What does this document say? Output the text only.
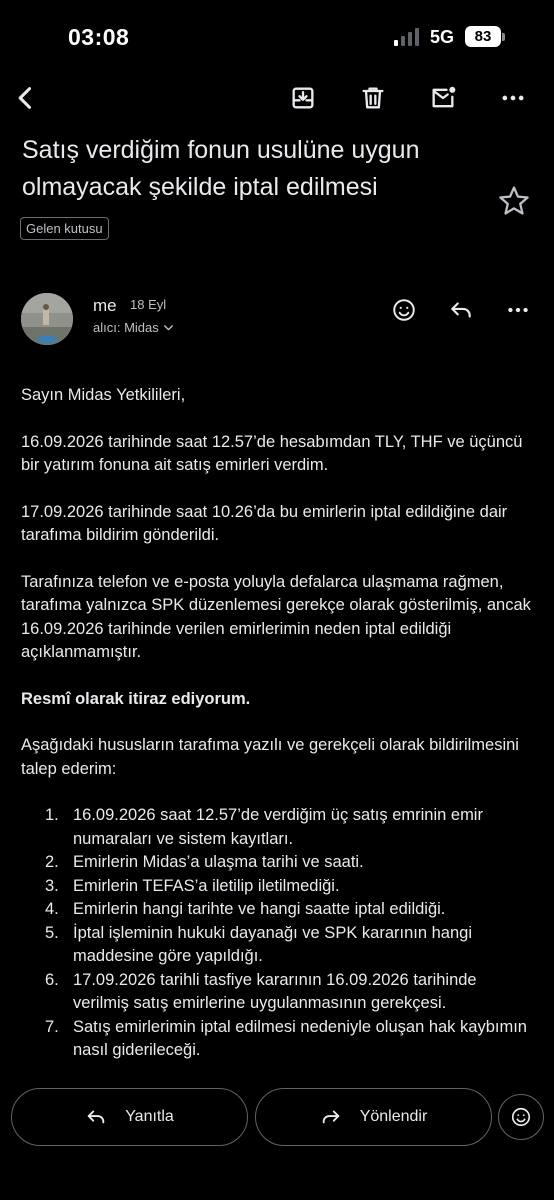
03:08	5G 83
Satış verdiğim fonun usulüne uygun olmayacak şekilde iptal edilmesi
Gelen kutusu
me 18 Eyl
alıcı: Midas

Sayın Midas Yetkilileri,

16.09.2026 tarihinde saat 12.57’de hesabımdan TLY, THF ve üçüncü bir yatırım fonuna ait satış emirleri verdim.

17.09.2026 tarihinde saat 10.26’da bu emirlerin iptal edildiğine dair tarafıma bildirim gönderildi.

Tarafınıza telefon ve e-posta yoluyla defalarca ulaşmama rağmen, tarafıma yalnızca SPK düzenlemesi gerekçe olarak gösterilmiş, ancak 16.09.2026 tarihinde verilen emirlerimin neden iptal edildiği açıklanmamıştır.

Resmî olarak itiraz ediyorum.

Aşağıdaki hususların tarafıma yazılı ve gerekçeli olarak bildirilmesini talep ederim:

1. 16.09.2026 saat 12.57’de verdiğim üç satış emrinin emir numaraları ve sistem kayıtları.
2. Emirlerin Midas’a ulaşma tarihi ve saati.
3. Emirlerin TEFAS’a iletilip iletilmediği.
4. Emirlerin hangi tarihte ve hangi saatte iptal edildiği.
5. İptal işleminin hukuki dayanağı ve SPK kararının hangi maddesine göre yapıldığı.
6. 17.09.2026 tarihli tasfiye kararının 16.09.2026 tarihinde verilmiş satış emirlerine uygulanmasının gerekçesi.
7. Satış emirlerimin iptal edilmesi nedeniyle oluşan hak kaybımın nasıl giderileceği.
Yanıtla	Yönlendir
